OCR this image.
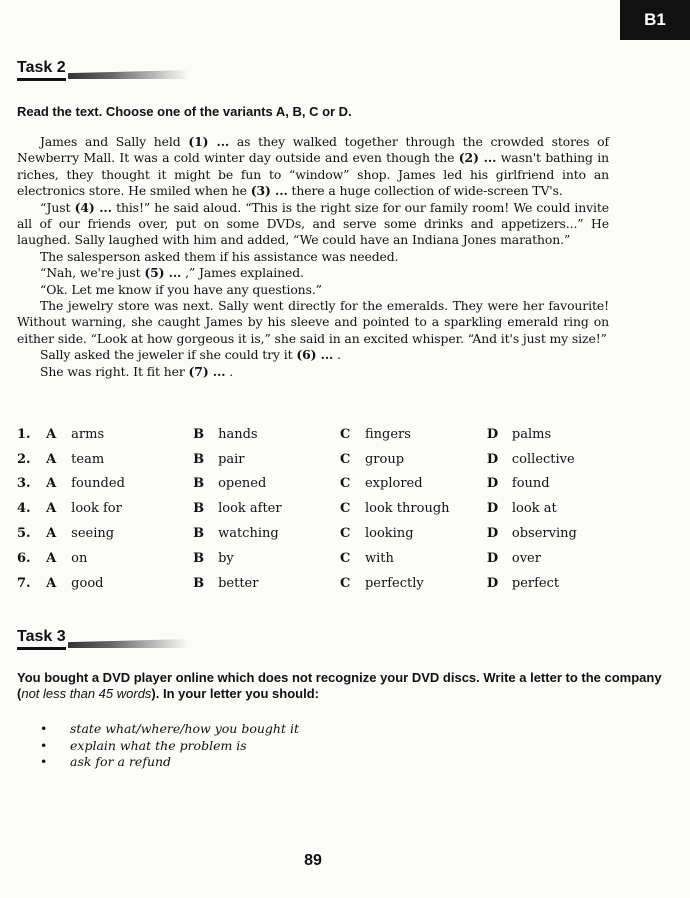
B1
Task 2
Read the text. Choose one of the variants A, B, C or D.

James and Sally held (1) ... as they walked together through the crowded stores of Newberry Mall. It was a cold winter day outside and even though the (2) ... wasn't bathing in riches, they thought it might be fun to “window” shop. James led his girlfriend into an electronics store. He smiled when he (3) ... there a huge collection of wide-screen TV's.

“Just (4) ... this!” he said aloud. “This is the right size for our family room! We could invite all of our friends over, put on some DVDs, and serve some drinks and appetizers...” He laughed. Sally laughed with him and added, “We could have an Indiana Jones marathon.”

The salesperson asked them if his assistance was needed.

“Nah, we're just (5) ... ,” James explained.

“Ok. Let me know if you have any questions.”

The jewelry store was next. Sally went directly for the emeralds. They were her favourite! Without warning, she caught James by his sleeve and pointed to a sparkling emerald ring on either side. “Look at how gorgeous it is,” she said in an excited whisper. “And it's just my size!”

Sally asked the jeweler if she could try it (6) ... .

She was right. It fit her (7) ... .

1.	A	arms	B	hands	C	fingers	D	palms
2.	A	team	B	pair	C	group	D	collective
3.	A	founded	B	opened	C	explored	D	found
4.	A	look for	B	look after	C	look through	D	look at
5.	A	seeing	B	watching	C	looking	D	observing
6.	A	on	B	by	C	with	D	over
7.	A	good	B	better	C	perfectly	D	perfect
Task 3
You bought a DVD player online which does not recognize your DVD discs. Write a letter to the company (not less than 45 words). In your letter you should:
• state what/where/how you bought it
• explain what the problem is
• ask for a refund
89
